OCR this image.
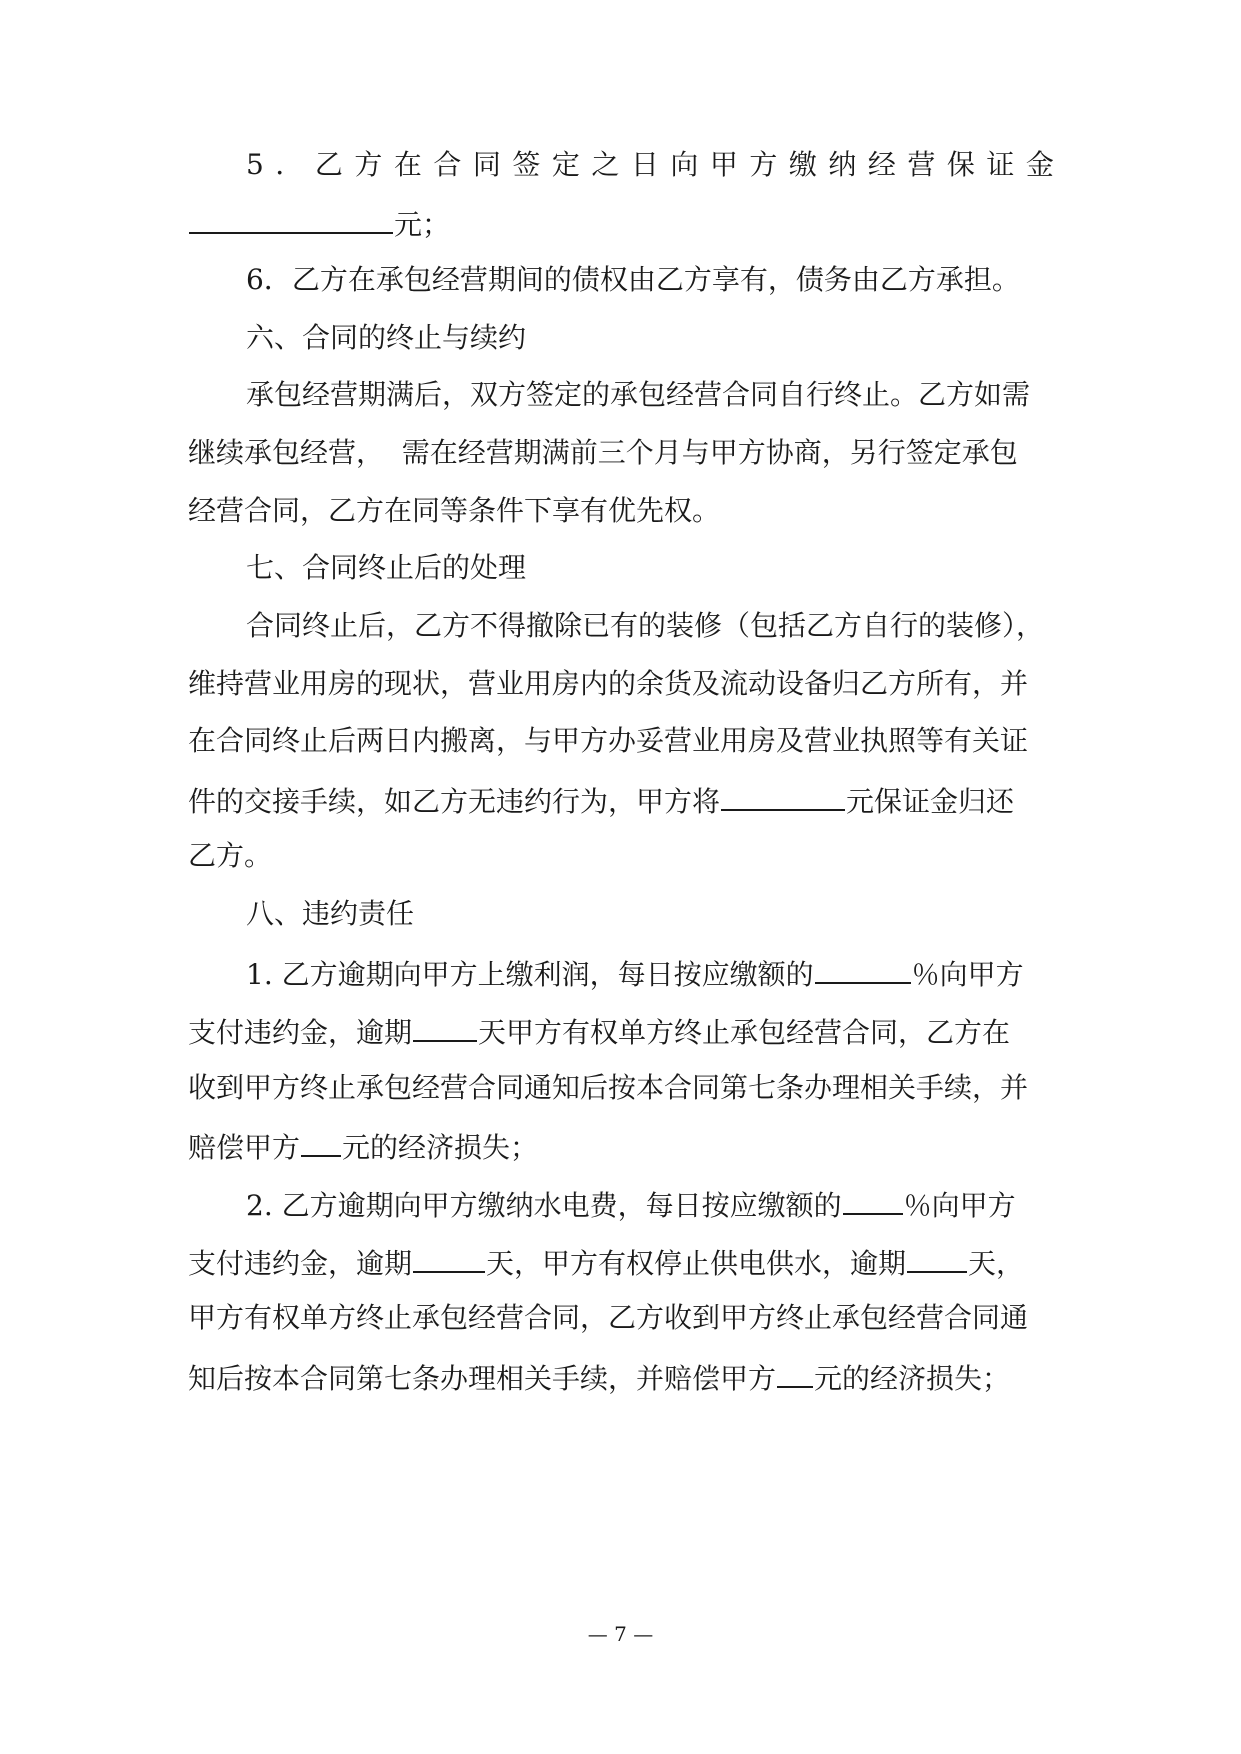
5 ． 乙 方 在 合 同 签 定 之 日 向 甲 方 缴 纳 经 营 保 证 金
元；
6．乙方在承包经营期间的债权由乙方享有，债务由乙方承担。
六、合同的终止与续约
承包经营期满后，双方签定的承包经营合同自行终止。乙方如需
继续承包经营，  需在经营期满前三个月与甲方协商，另行签定承包
经营合同，乙方在同等条件下享有优先权。
七、合同终止后的处理
合同终止后，乙方不得撤除已有的装修（包括乙方自行的装修），
维持营业用房的现状，营业用房内的余货及流动设备归乙方所有，并
在合同终止后两日内搬离，与甲方办妥营业用房及营业执照等有关证
件的交接手续，如乙方无违约行为，甲方将	元保证金归还
乙方。
八、违约责任
1. 乙方逾期向甲方上缴利润，每日按应缴额的	％向甲方
支付违约金，逾期 天甲方有权单方终止承包经营合同，乙方在
收到甲方终止承包经营合同通知后按本合同第七条办理相关手续，并
赔偿甲方 元的经济损失；
2. 乙方逾期向甲方缴纳水电费，每日按应缴额的 ％向甲方
支付违约金，逾期	天，甲方有权停止供电供水，逾期 天，
甲方有权单方终止承包经营合同，乙方收到甲方终止承包经营合同通
知后按本合同第七条办理相关手续，并赔偿甲方 元的经济损失；
— 7 —
